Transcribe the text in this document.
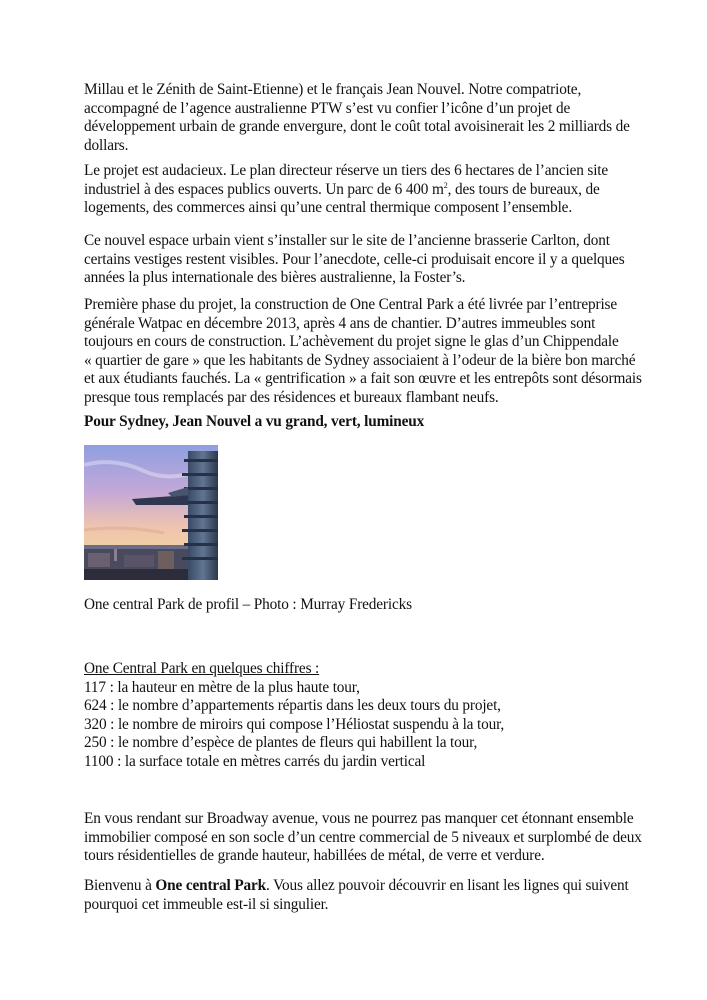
Millau et le Zénith de Saint-Etienne) et le français Jean Nouvel. Notre compatriote,
accompagné de l’agence australienne PTW s’est vu confier l’icône d’un projet de
développement urbain de grande envergure, dont le coût total avoisinerait les 2 milliards de
dollars.
Le projet est audacieux. Le plan directeur réserve un tiers des 6 hectares de l’ancien site
industriel à des espaces publics ouverts. Un parc de 6 400 $m^2$, des tours de bureaux, de
logements, des commerces ainsi qu’une central thermique composent l’ensemble.
Ce nouvel espace urbain vient s’installer sur le site de l’ancienne brasserie Carlton, dont
certains vestiges restent visibles. Pour l’anecdote, celle-ci produisait encore il y a quelques
années la plus internationale des bières australienne, la Foster’s.
Première phase du projet, la construction de One Central Park a été livrée par l’entreprise
générale Watpac en décembre 2013, après 4 ans de chantier. D’autres immeubles sont
toujours en cours de construction. L’achèvement du projet signe le glas d’un Chippendale
« quartier de gare » que les habitants de Sydney associaient à l’odeur de la bière bon marché
et aux étudiants fauchés. La « gentrification » a fait son œuvre et les entrepôts sont désormais
presque tous remplacés par des résidences et bureaux flambant neufs.
Pour Sydney, Jean Nouvel a vu grand, vert, lumineux
One central Park de profil – Photo : Murray Fredericks
One Central Park en quelques chiffres :
117 : la hauteur en mètre de la plus haute tour,
624 : le nombre d’appartements répartis dans les deux tours du projet,
320 : le nombre de miroirs qui compose l’Héliostat suspendu à la tour,
250 : le nombre d’espèce de plantes de fleurs qui habillent la tour,
1100 : la surface totale en mètres carrés du jardin vertical
En vous rendant sur Broadway avenue, vous ne pourrez pas manquer cet étonnant ensemble
immobilier composé en son socle d’un centre commercial de 5 niveaux et surplombé de deux
tours résidentielles de grande hauteur, habillées de métal, de verre et verdure.
Bienvenu à One central Park. Vous allez pouvoir découvrir en lisant les lignes qui suivent
pourquoi cet immeuble est-il si singulier.
